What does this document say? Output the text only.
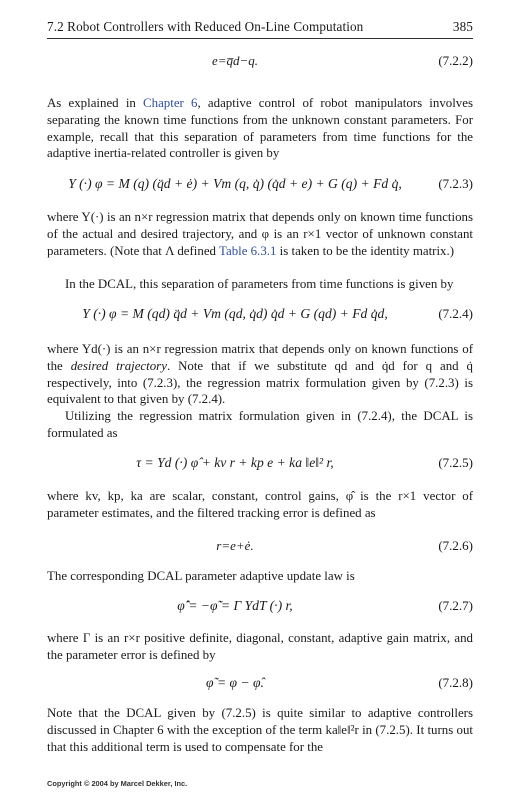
7.2 Robot Controllers with Reduced On-Line Computation	385
e=q̅d−q.	(7.2.2)

As explained in Chapter 6, adaptive control of robot manipulators involves separating the known time functions from the unknown constant parameters. For example, recall that this separation of parameters from time functions for the adaptive inertia-related controller is given by

Y (·) φ = M (q) (q̈d + ė) + Vm (q, q̇) (q̇d + e) + G (q) + Fd q̇,	(7.2.3)

where Y(·) is an n×r regression matrix that depends only on known time functions of the actual and desired trajectory, and φ is an r×1 vector of unknown constant parameters. (Note that Λ defined Table 6.3.1 is taken to be the identity matrix.)

In the DCAL, this separation of parameters from time functions is given by

Y (·) φ = M (qd) q̈d + Vm (qd, q̇d) q̇d + G (qd) + Fd q̇d,	(7.2.4)

where Yd(·) is an n×r regression matrix that depends only on known functions of the desired trajectory. Note that if we substitute qd and q̇d for q and q̇ respectively, into (7.2.3), the regression matrix formulation given by (7.2.3) is equivalent to that given by (7.2.4).

Utilizing the regression matrix formulation given in (7.2.4), the DCAL is formulated as

τ = Yd (·) φ̂ + kv r + kp e + ka ‖e‖² r,	(7.2.5)

where kv, kp, ka are scalar, constant, control gains, φ̂ is the r×1 vector of parameter estimates, and the filtered tracking error is defined as

r=e+ė.	(7.2.6)

The corresponding DCAL parameter adaptive update law is

φ̂̇ = −φ̃̇ = Γ YdT (·) r,	(7.2.7)

where Γ is an r×r positive definite, diagonal, constant, adaptive gain matrix, and the parameter error is defined by

φ̃ = φ − φ̂.	(7.2.8)

Note that the DCAL given by (7.2.5) is quite similar to adaptive controllers discussed in Chapter 6 with the exception of the term ka‖e‖²r in (7.2.5). It turns out that this additional term is used to compensate for the

Copyright © 2004 by Marcel Dekker, Inc.
